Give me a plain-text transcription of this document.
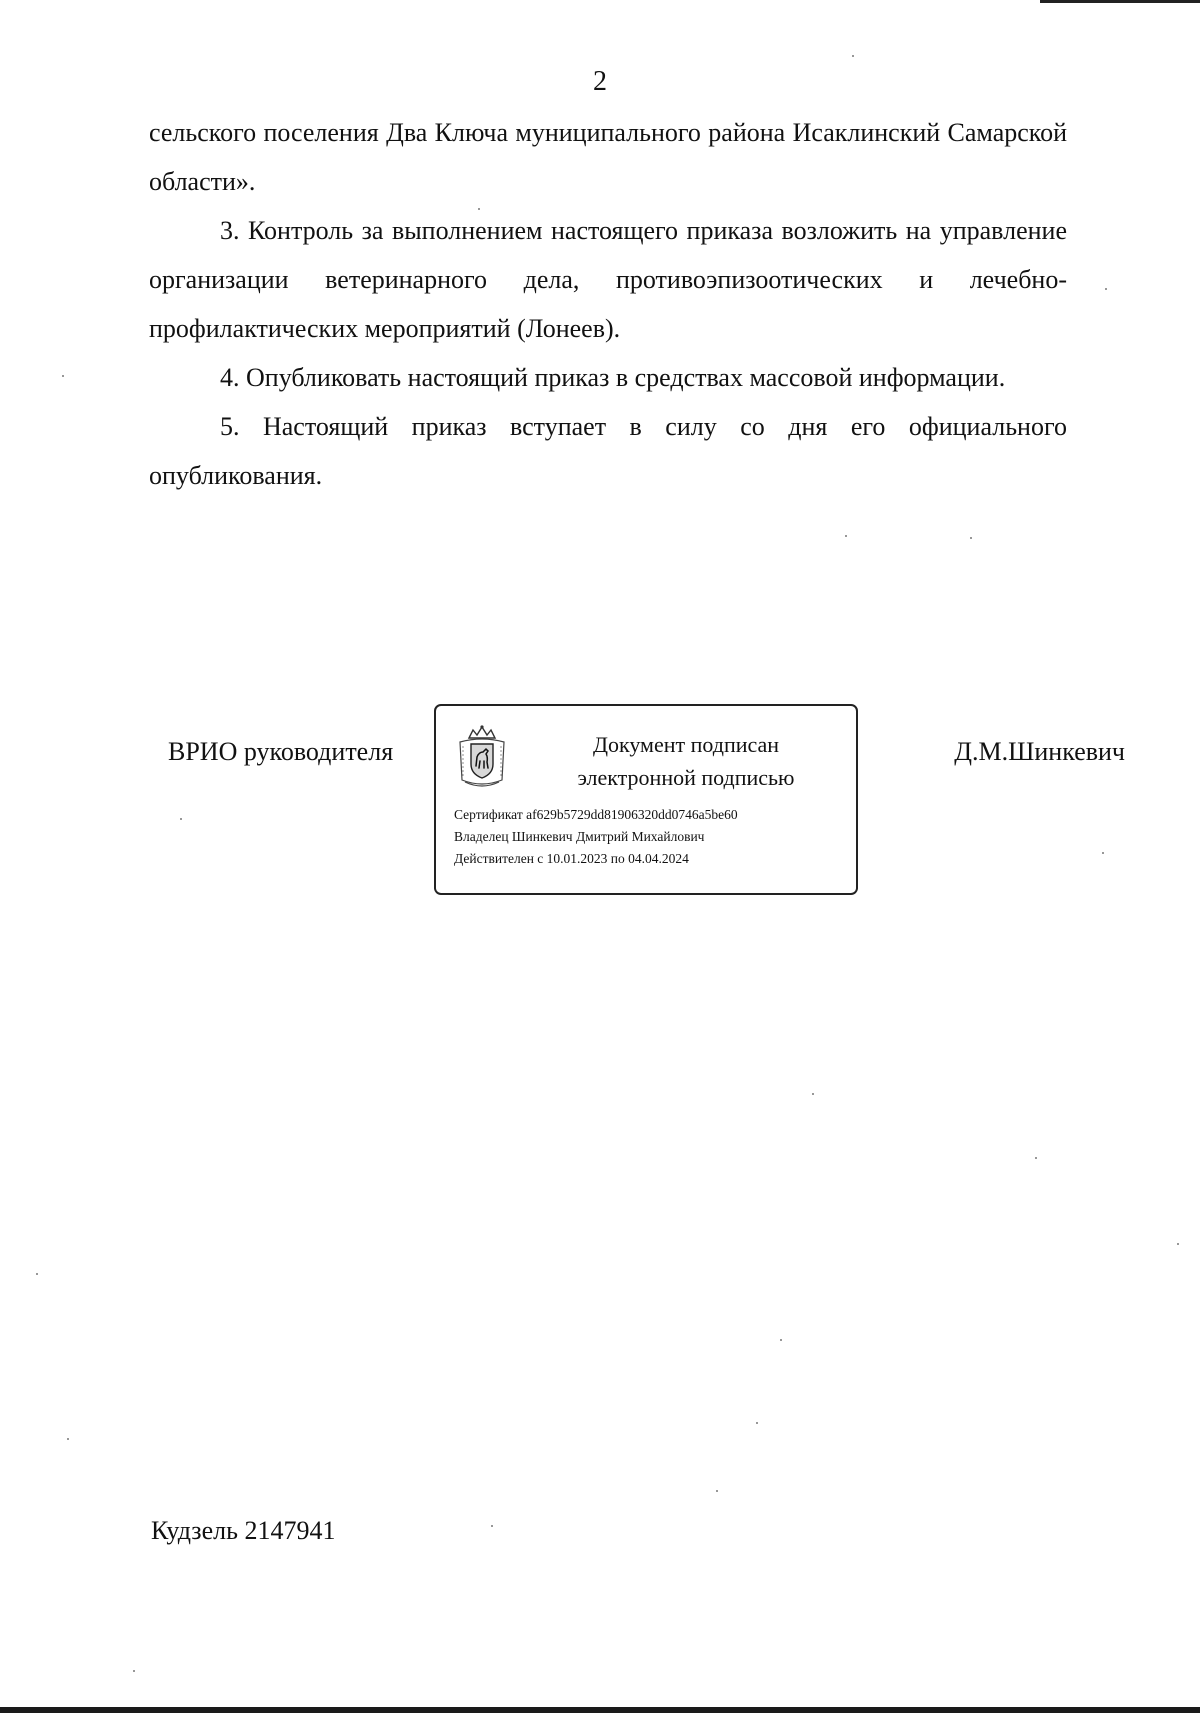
2

сельского поселения Два Ключа муниципального района Исаклинский Самарской области».

3. Контроль за выполнением настоящего приказа возложить на управление организации ветеринарного дела, противоэпизоотических и лечебно-профилактических мероприятий (Лонеев).

4. Опубликовать настоящий приказ в средствах массовой информации.

5. Настоящий приказ вступает в силу со дня его официального опубликования.

ВРИО руководителя	Документ подписан
электронной подписью
Сертификат af629b5729dd81906320dd0746a5be60
Владелец Шинкевич Дмитрий Михайлович
Действителен с 10.01.2023 по 04.04.2024
Д.М.Шинкевич
Кудзель 2147941
